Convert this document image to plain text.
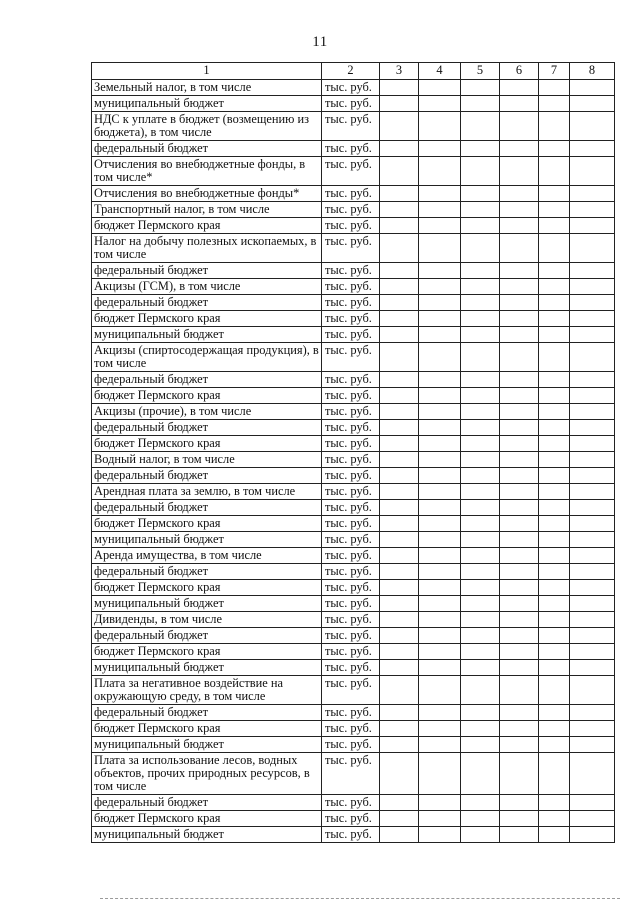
11
1	2	3	4	5	6	7	8
Земельный налог, в том числе	тыс. руб.						
муниципальный бюджет	тыс. руб.						
НДС к уплате в бюджет (возмещению из бюджета), в том числе	тыс. руб.						
федеральный бюджет	тыс. руб.						
Отчисления во внебюджетные фонды, в том числе*	тыс. руб.						
Отчисления во внебюджетные фонды*	тыс. руб.						
Транспортный налог, в том числе	тыс. руб.						
бюджет Пермского края	тыс. руб.						
Налог на добычу полезных ископаемых, в том числе	тыс. руб.						
федеральный бюджет	тыс. руб.						
Акцизы (ГСМ), в том числе	тыс. руб.						
федеральный бюджет	тыс. руб.						
бюджет Пермского края	тыс. руб.						
муниципальный бюджет	тыс. руб.						
Акцизы (спиртосодержащая продукция), в том числе	тыс. руб.						
федеральный бюджет	тыс. руб.						
бюджет Пермского края	тыс. руб.						
Акцизы (прочие), в том числе	тыс. руб.						
федеральный бюджет	тыс. руб.						
бюджет Пермского края	тыс. руб.						
Водный налог, в том числе	тыс. руб.						
федеральный бюджет	тыс. руб.						
Арендная плата за землю, в том числе	тыс. руб.						
федеральный бюджет	тыс. руб.						
бюджет Пермского края	тыс. руб.						
муниципальный бюджет	тыс. руб.						
Аренда имущества, в том числе	тыс. руб.						
федеральный бюджет	тыс. руб.						
бюджет Пермского края	тыс. руб.						
муниципальный бюджет	тыс. руб.						
Дивиденды, в том числе	тыс. руб.						
федеральный бюджет	тыс. руб.						
бюджет Пермского края	тыс. руб.						
муниципальный бюджет	тыс. руб.						
Плата за негативное воздействие на окружающую среду, в том числе	тыс. руб.						
федеральный бюджет	тыс. руб.						
бюджет Пермского края	тыс. руб.						
муниципальный бюджет	тыс. руб.						
Плата за использование лесов, водных объектов, прочих природных ресурсов, в том числе	тыс. руб.						
федеральный бюджет	тыс. руб.						
бюджет Пермского края	тыс. руб.						
муниципальный бюджет	тыс. руб.						
